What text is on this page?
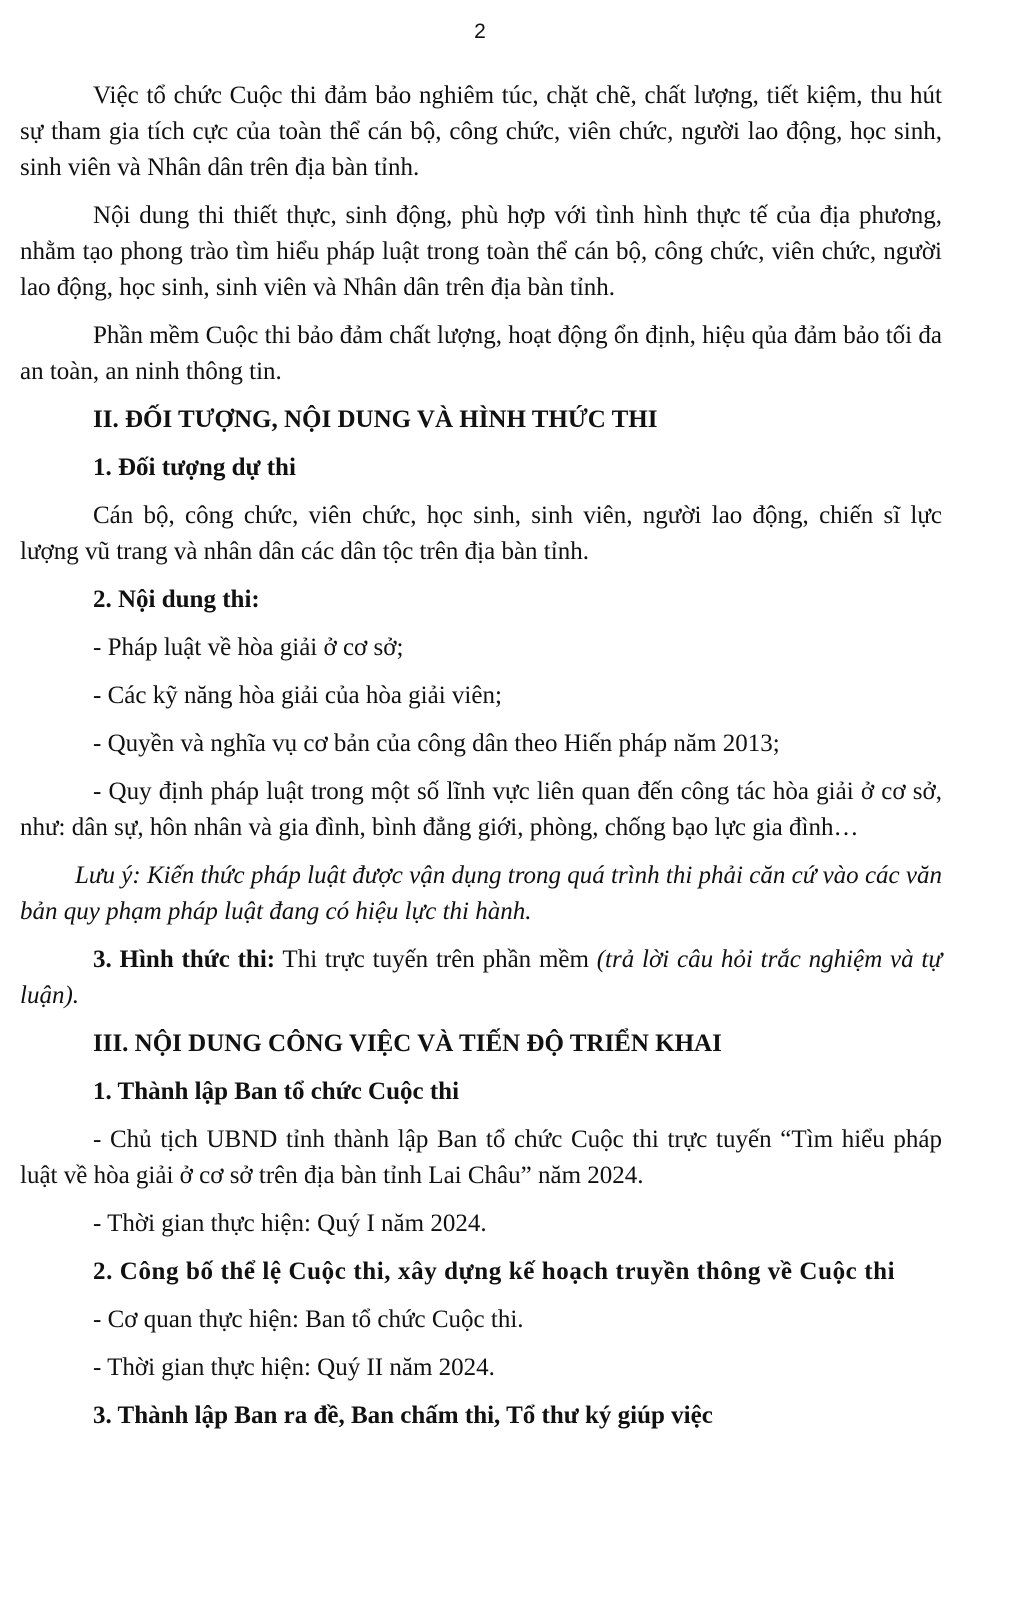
2

Việc tổ chức Cuộc thi đảm bảo nghiêm túc, chặt chẽ, chất lượng, tiết kiệm, thu hút sự tham gia tích cực của toàn thể cán bộ, công chức, viên chức, người lao động, học sinh, sinh viên và Nhân dân trên địa bàn tỉnh.

Nội dung thi thiết thực, sinh động, phù hợp với tình hình thực tế của địa phương, nhằm tạo phong trào tìm hiểu pháp luật trong toàn thể cán bộ, công chức, viên chức, người lao động, học sinh, sinh viên và Nhân dân trên địa bàn tỉnh.

Phần mềm Cuộc thi bảo đảm chất lượng, hoạt động ổn định, hiệu qủa đảm bảo tối đa an toàn, an ninh thông tin.

II. ĐỐI TƯỢNG, NỘI DUNG VÀ HÌNH THỨC THI

1. Đối tượng dự thi

Cán bộ, công chức, viên chức, học sinh, sinh viên, người lao động, chiến sĩ lực lượng vũ trang và nhân dân các dân tộc trên địa bàn tỉnh.

2. Nội dung thi:

- Pháp luật về hòa giải ở cơ sở;

- Các kỹ năng hòa giải của hòa giải viên;

- Quyền và nghĩa vụ cơ bản của công dân theo Hiến pháp năm 2013;

- Quy định pháp luật trong một số lĩnh vực liên quan đến công tác hòa giải ở cơ sở, như: dân sự, hôn nhân và gia đình, bình đẳng giới, phòng, chống bạo lực gia đình…

Lưu ý: Kiến thức pháp luật được vận dụng trong quá trình thi phải căn cứ vào các văn bản quy phạm pháp luật đang có hiệu lực thi hành.

3. Hình thức thi: Thi trực tuyến trên phần mềm (trả lời câu hỏi trắc nghiệm và tự luận).

III. NỘI DUNG CÔNG VIỆC VÀ TIẾN ĐỘ TRIỂN KHAI

1. Thành lập Ban tổ chức Cuộc thi

- Chủ tịch UBND tỉnh thành lập Ban tổ chức Cuộc thi trực tuyến “Tìm hiểu pháp luật về hòa giải ở cơ sở trên địa bàn tỉnh Lai Châu” năm 2024.

- Thời gian thực hiện: Quý I năm 2024.

2. Công bố thể lệ Cuộc thi, xây dựng kế hoạch truyền thông về Cuộc thi

- Cơ quan thực hiện: Ban tổ chức Cuộc thi.

- Thời gian thực hiện: Quý II năm 2024.

3. Thành lập Ban ra đề, Ban chấm thi, Tổ thư ký giúp việc
